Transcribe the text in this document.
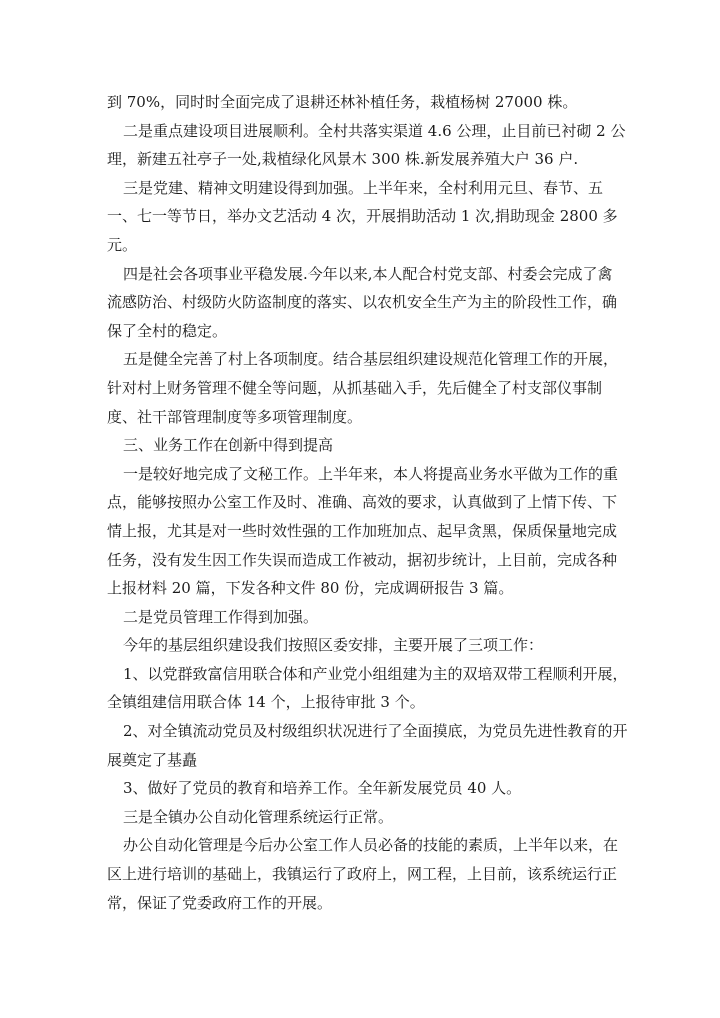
到 70%，同时时全面完成了退耕还林补植任务，栽植杨树 27000 株。
二是重点建设项目进展顺利。全村共落实渠道 4.6 公理，止目前已衬砌 2 公
理，新建五社亭子一处,栽植绿化风景木 300 株.新发展养殖大户 36 户.
三是党建、精神文明建设得到加强。上半年来，全村利用元旦、春节、五
一、七一等节日，举办文艺活动 4 次，开展捐助活动 1 次,捐助现金 2800 多
元。
四是社会各项事业平稳发展.今年以来,本人配合村党支部、村委会完成了禽
流感防治、村级防火防盗制度的落实、以农机安全生产为主的阶段性工作，确
保了全村的稳定。
五是健全完善了村上各项制度。结合基层组织建设规范化管理工作的开展，
针对村上财务管理不健全等问题，从抓基础入手，先后健全了村支部仪事制
度、社干部管理制度等多项管理制度。
三、业务工作在创新中得到提高
一是较好地完成了文秘工作。上半年来，本人将提高业务水平做为工作的重
点，能够按照办公室工作及时、准确、高效的要求，认真做到了上情下传、下
情上报，尤其是对一些时效性强的工作加班加点、起早贪黑，保质保量地完成
任务，没有发生因工作失误而造成工作被动，据初步统计，上目前，完成各种
上报材料 20 篇，下发各种文件 80 份，完成调研报告 3 篇。
二是党员管理工作得到加强。
今年的基层组织建设我们按照区委安排，主要开展了三项工作：
1、以党群致富信用联合体和产业党小组组建为主的双培双带工程顺利开展，
全镇组建信用联合体 14 个，上报待审批 3 个。
2、对全镇流动党员及村级组织状况进行了全面摸底，为党员先进性教育的开
展奠定了基矗
3、做好了党员的教育和培养工作。全年新发展党员 40 人。
三是全镇办公自动化管理系统运行正常。
办公自动化管理是今后办公室工作人员必备的技能的素质，上半年以来，在
区上进行培训的基础上，我镇运行了政府上，网工程，上目前，该系统运行正
常，保证了党委政府工作的开展。
